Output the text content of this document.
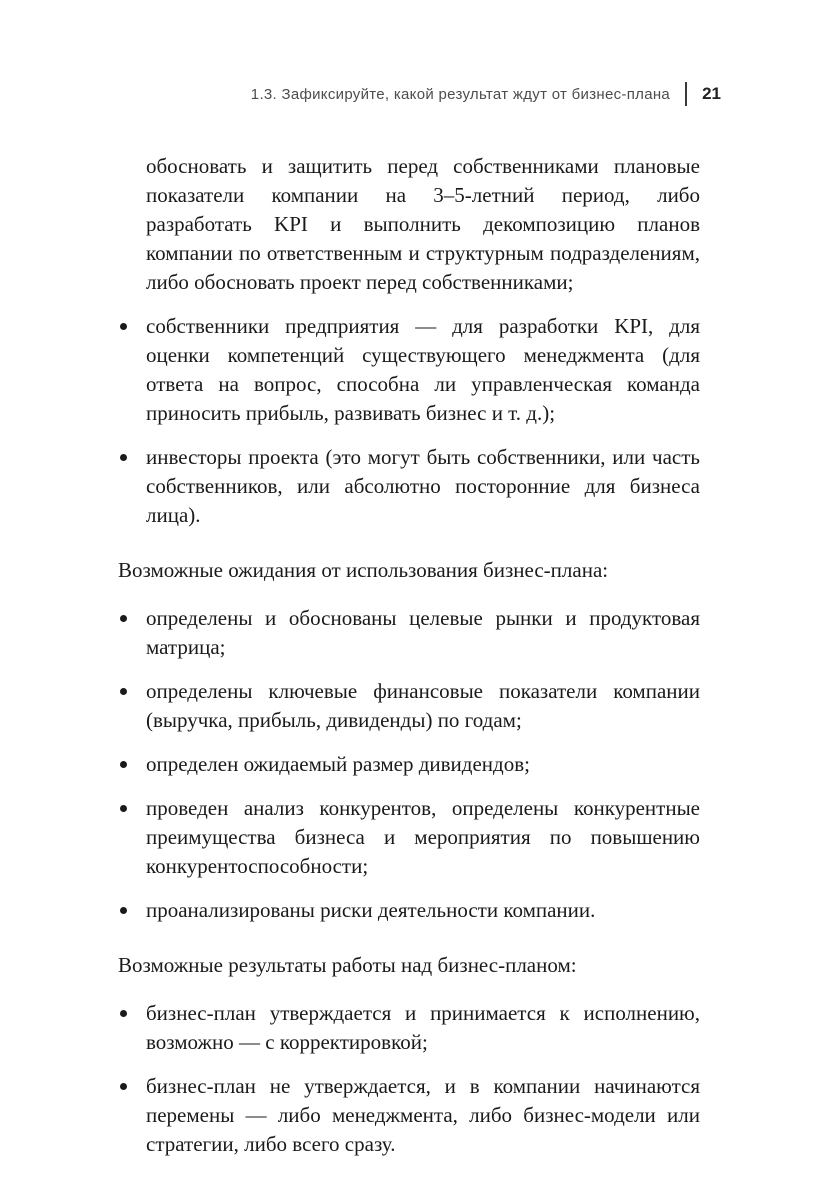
1.3. Зафиксируйте, какой результат ждут от бизнес-плана 21

обосновать и защитить перед собственниками плановые показатели компании на 3–5-летний период, либо разработать KPI и выполнить декомпозицию планов компании по ответственным и структурным подразделениям, либо обосновать проект перед собственниками;

собственники предприятия — для разработки KPI, для оценки компетенций существующего менеджмента (для ответа на вопрос, способна ли управленческая команда приносить прибыль, развивать бизнес и т. д.);
инвесторы проекта (это могут быть собственники, или часть собственников, или абсолютно посторонние для бизнеса лица).

Возможные ожидания от использования бизнес-плана:

определены и обоснованы целевые рынки и продуктовая матрица;
определены ключевые финансовые показатели компании (выручка, прибыль, дивиденды) по годам;
определен ожидаемый размер дивидендов;
проведен анализ конкурентов, определены конкурентные преимущества бизнеса и мероприятия по повышению конкурентоспособности;
проанализированы риски деятельности компании.

Возможные результаты работы над бизнес-планом:

бизнес-план утверждается и принимается к исполнению, возможно — с корректировкой;
бизнес-план не утверждается, и в компании начинаются перемены — либо менеджмента, либо бизнес-модели или стратегии, либо всего сразу.
